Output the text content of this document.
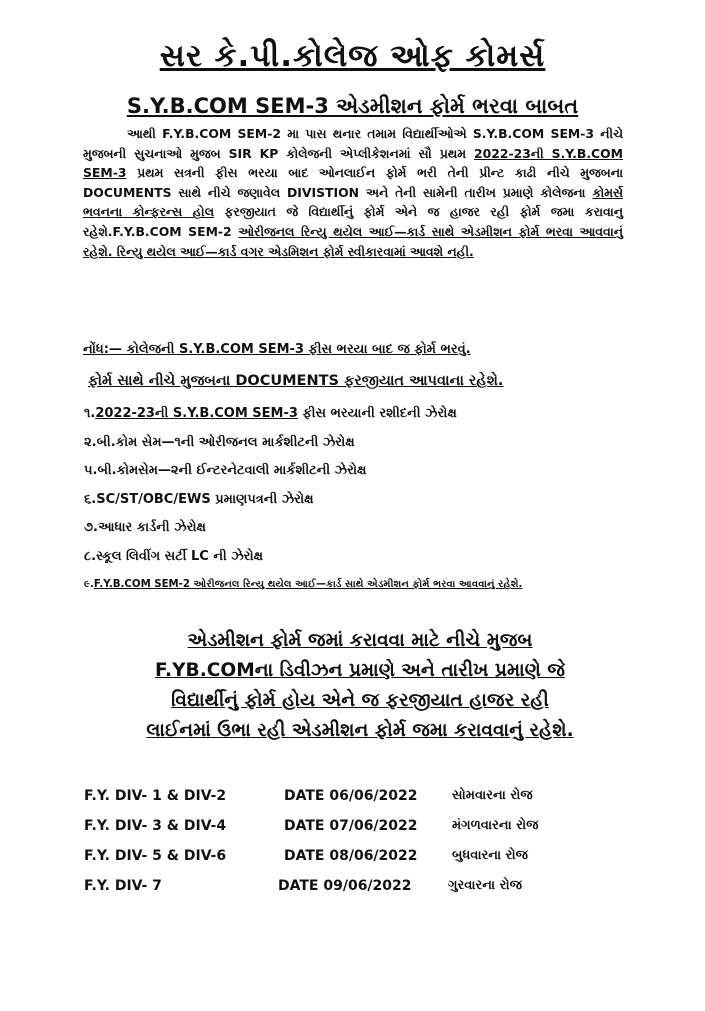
સર કે.પી.કોલેજ ઓફ કોમર્સ
S.Y.B.COM SEM-3 એડમીશન ફોર્મ ભરવા બાબત
આથી F.Y.B.COM SEM-2 મા પાસ થનાર તમામ વિદ્યાર્થીઓએ S.Y.B.COM SEM-3 નીચે મુજબની સુચનાઓ મુજબ SIR KP કોલેજની એપ્લીકેશનમાં સૌ પ્રથમ 2022-23ની S.Y.B.COM SEM-3 પ્રથમ સત્રની ફીસ ભરયા બાદ ઓનલાઈન ફોર્મ ભરી તેની પ્રીન્ટ કાઢી નીચે મુજબના DOCUMENTS સાથે નીચે જણાવેલ DIVISTION અને તેની સામેની તારીખ પ્રમાણે કોલેજના કોમર્સ ભવનના કોન્ફરન્સ હોલ ફરજીયાત જે વિદ્યાર્થીનું ફોર્મ એને જ હાજર રહી ફોર્મ જમા કરાવાનુ રહેશે.F.Y.B.COM SEM-2 ઓરીજનલ રિન્યુ થયેલ આઈ—કાર્ડ સાથે એડમીશન ફોર્મ ભરવા આવવાનું રહેશે. રિન્યુ થયેલ આઈ—કાર્ડ વગર એડમિશન ફોર્મ સ્વીકારવામાં આવશે નહી.
નોંધ:— કોલેજની S.Y.B.COM SEM-3 ફીસ ભરયા બાદ જ ફોર્મ ભરવું.
ફોર્મ સાથે નીચે મુજબના DOCUMENTS ફરજીયાત આપવાના રહેશે.
૧.2022-23ની S.Y.B.COM SEM-3 ફીસ ભરયાની રશીદની ઝેરોક્ષ
૨.બી.કોમ સેમ—૧ની ઓરીજનલ માર્કશીટની ઝેરોક્ષ
૫.બી.કોમસેમ—૨ની ઈન્ટરનેટવાલી માર્કશીટની ઝેરોક્ષ
૬.SC/ST/OBC/EWS પ્રમાણપત્રની ઝેરોક્ષ
૭.આધાર કાર્ડની ઝેરોક્ષ
૮.સ્કૂલ લિવીંગ સર્ટી LC ની ઝેરોક્ષ
૯.F.Y.B.COM SEM-2 ઓરીજનલ રિન્યુ થયેલ આઈ—કાર્ડ સાથે એડમીશન ફોર્મ ભરવા આવવાનું રહેશે.
એડમીશન ફોર્મ જમાં કરાવવા માટે નીચે મુજબ
F.YB.COMના ડિવીઝન પ્રમાણે અને તારીખ પ્રમાણે જે
વિદ્યાર્થીનું ફોર્મ હોય એને જ ફરજીયાત હાજર રહી
લાઈનમાં ઉભા રહી એડમીશન ફોર્મ જમા કરાવવાનું રહેશે.
F.Y. DIV- 1 & DIV-2	DATE 06/06/2022	સોમવારના રોજ
F.Y. DIV- 3 & DIV-4	DATE 07/06/2022	મંગળવારના રોજ
F.Y. DIV- 5 & DIV-6	DATE 08/06/2022	બુધવારના રોજ
F.Y. DIV- 7	DATE 09/06/2022	ગુરવારના રોજ
